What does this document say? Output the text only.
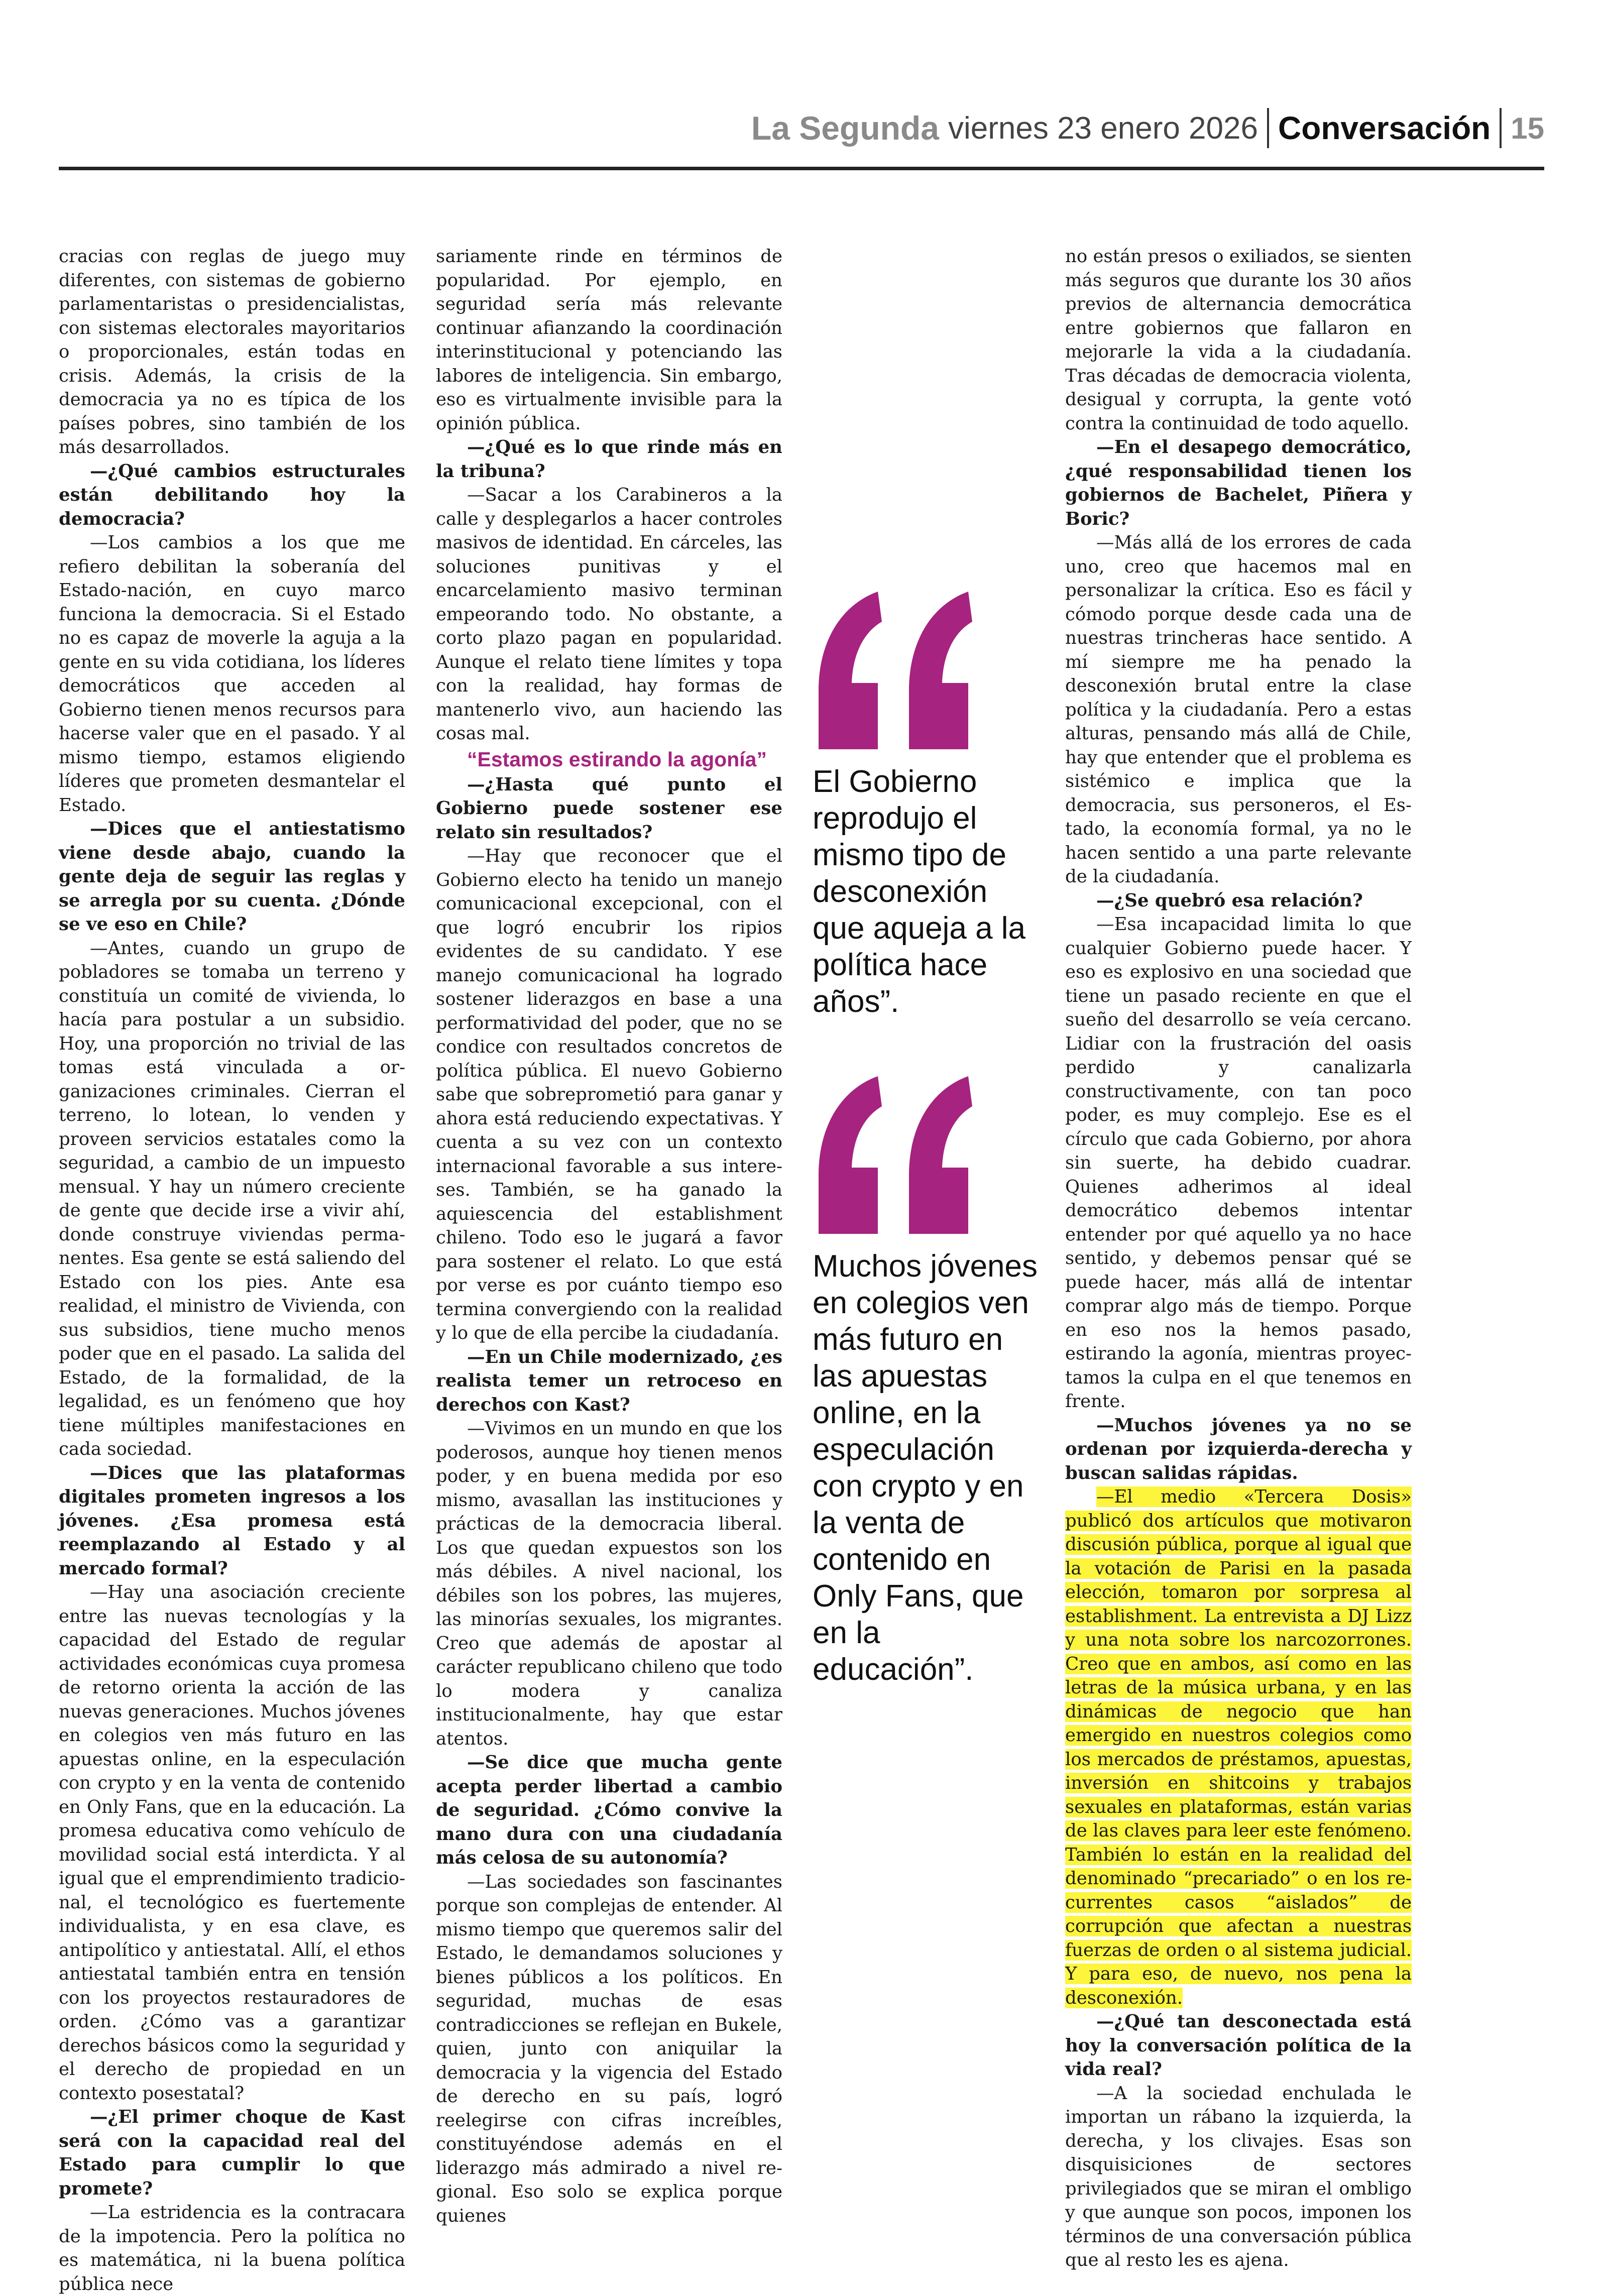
La Segunda viernes 23 enero 2026 Conversación 15

cracias con reglas de juego muy diferentes, con sistemas de gobierno parlamentaristas o presidencialistas, con sistemas electorales mayoritarios o proporcionales, están todas en crisis. Además, la crisis de la democracia ya no es típica de los países pobres, sino también de los más desarrollados.

—¿Qué cambios estructurales están debilitando hoy la democracia?

—Los cambios a los que me refiero debilitan la soberanía del Estado-nación, en cuyo marco funciona la democracia. Si el Estado no es capaz de moverle la aguja a la gente en su vida cotidiana, los líderes democráticos que acceden al Gobierno tienen menos recursos para hacerse valer que en el pasado. Y al mismo tiempo, estamos eligiendo líderes que prometen desmantelar el Estado.

—Dices que el antiestatismo viene desde abajo, cuando la gente deja de seguir las reglas y se arregla por su cuenta. ¿Dónde se ve eso en Chile?

—Antes, cuando un grupo de pobladores se tomaba un terreno y constituía un comité de vivienda, lo hacía para postular a un subsidio. Hoy, una proporción no trivial de las tomas está vinculada a organizaciones criminales. Cierran el terreno, lo lotean, lo venden y proveen servicios estatales como la seguridad, a cambio de un impuesto mensual. Y hay un número creciente de gente que decide irse a vivir ahí, donde construye viviendas permanentes. Esa gente se está saliendo del Estado con los pies. Ante esa realidad, el ministro de Vivienda, con sus subsidios, tiene mucho menos poder que en el pasado. La salida del Estado, de la formalidad, de la legalidad, es un fenómeno que hoy tiene múltiples manifestaciones en cada sociedad.

—Dices que las plataformas digitales prometen ingresos a los jóvenes. ¿Esa promesa está reemplazando al Estado y al mercado formal?

—Hay una asociación creciente entre las nuevas tecnologías y la capacidad del Estado de regular actividades económicas cuya promesa de retorno orienta la acción de las nuevas generaciones. Muchos jóvenes en colegios ven más futuro en las apuestas online, en la especulación con crypto y en la venta de contenido en Only Fans, que en la educación. La promesa educativa como vehículo de movilidad social está interdicta. Y al igual que el emprendimiento tradicional, el tecnológico es fuertemente individualista, y en esa clave, es antipolítico y antiestatal. Allí, el ethos antiestatal también entra en tensión con los proyectos restauradores de orden. ¿Cómo vas a garantizar derechos básicos como la seguridad y el derecho de propiedad en un contexto posestatal?

—¿El primer choque de Kast será con la capacidad real del Estado para cumplir lo que promete?

—La estridencia es la contracara de la impotencia. Pero la política no es matemática, ni la buena política pública nece

sariamente rinde en términos de popularidad. Por ejemplo, en seguridad sería más relevante continuar afianzando la coordinación interinstitucional y potenciando las labores de inteligencia. Sin embargo, eso es virtualmente invisible para la opinión pública.

—¿Qué es lo que rinde más en la tribuna?

—Sacar a los Carabineros a la calle y desplegarlos a hacer controles masivos de identidad. En cárceles, las soluciones punitivas y el encarcelamiento masivo terminan empeorando todo. No obstante, a corto plazo pagan en popularidad. Aunque el relato tiene límites y topa con la realidad, hay formas de mantenerlo vivo, aun haciendo las cosas mal.

“Estamos estirando la agonía”

—¿Hasta qué punto el Gobierno puede sostener ese relato sin resultados?

—Hay que reconocer que el Gobierno electo ha tenido un manejo comunicacional excepcional, con el que logró encubrir los ripios evidentes de su candidato. Y ese manejo comunicacional ha logrado sostener liderazgos en base a una performatividad del poder, que no se condice con resultados concretos de política pública. El nuevo Gobierno sabe que sobreprometió para ganar y ahora está reduciendo expectativas. Y cuenta a su vez con un contexto internacional favorable a sus intereses. También, se ha ganado la aquiescencia del establishment chileno. Todo eso le jugará a favor para sostener el relato. Lo que está por verse es por cuánto tiempo eso termina convergiendo con la realidad y lo que de ella percibe la ciudadanía.

—En un Chile modernizado, ¿es realista temer un retroceso en derechos con Kast?

—Vivimos en un mundo en que los poderosos, aunque hoy tienen menos poder, y en buena medida por eso mismo, avasallan las instituciones y prácticas de la democracia liberal. Los que quedan expuestos son los más débiles. A nivel nacional, los débiles son los pobres, las mujeres, las minorías sexuales, los migrantes. Creo que además de apostar al carácter republicano chileno que todo lo modera y canaliza institucionalmente, hay que estar atentos.

—Se dice que mucha gente acepta perder libertad a cambio de seguridad. ¿Cómo convive la mano dura con una ciudadanía más celosa de su autonomía?

—Las sociedades son fascinantes porque son complejas de entender. Al mismo tiempo que queremos salir del Estado, le demandamos soluciones y bienes públicos a los políticos. En seguridad, muchas de esas contradicciones se reflejan en Bukele, quien, junto con aniquilar la democracia y la vigencia del Estado de derecho en su país, logró reelegirse con cifras increíbles, constituyéndose además en el liderazgo más admirado a nivel regional. Eso solo se explica porque quienes

no están presos o exiliados, se sienten más seguros que durante los 30 años previos de alternancia democrática entre gobiernos que fallaron en mejorarle la vida a la ciudadanía. Tras décadas de democracia violenta, desigual y corrupta, la gente votó contra la continuidad de todo aquello.

—En el desapego democrático, ¿qué responsabilidad tienen los gobiernos de Bachelet, Piñera y Boric?

—Más allá de los errores de cada uno, creo que hacemos mal en personalizar la crítica. Eso es fácil y cómodo porque desde cada una de nuestras trincheras hace sentido. A mí siempre me ha penado la desconexión brutal entre la clase política y la ciudadanía. Pero a estas alturas, pensando más allá de Chile, hay que entender que el problema es sistémico e implica que la democracia, sus personeros, el Estado, la economía formal, ya no le hacen sentido a una parte relevante de la ciudadanía.

—¿Se quebró esa relación?

—Esa incapacidad limita lo que cualquier Gobierno puede hacer. Y eso es explosivo en una sociedad que tiene un pasado reciente en que el sueño del desarrollo se veía cercano. Lidiar con la frustración del oasis perdido y canalizarla constructivamente, con tan poco poder, es muy complejo. Ese es el círculo que cada Gobierno, por ahora sin suerte, ha debido cuadrar. Quienes adherimos al ideal democrático debemos intentar entender por qué aquello ya no hace sentido, y debemos pensar qué se puede hacer, más allá de intentar comprar algo más de tiempo. Porque en eso nos la hemos pasado, estirando la agonía, mientras proyectamos la culpa en el que tenemos en frente.

—Muchos jóvenes ya no se ordenan por izquierda-derecha y buscan salidas rápidas.

—El medio «Tercera Dosis» publicó dos artículos que motivaron discusión pública, porque al igual que la votación de Parisi en la pasada elección, tomaron por sorpresa al establishment. La entrevista a DJ Lizz y una nota sobre los narcozorrones. Creo que en ambos, así como en las letras de la música urbana, y en las dinámicas de negocio que han emergido en nuestros colegios como los mercados de préstamos, apuestas, inversión en shitcoins y trabajos sexuales en plataformas, están varias de las claves para leer este fenómeno. También lo están en la realidad del denominado “precariado” o en los recurrentes casos “aislados” de corrupción que afectan a nuestras fuerzas de orden o al sistema judicial. Y para eso, de nuevo, nos pena la desconexión.

—¿Qué tan desconectada está hoy la conversación política de la vida real?

—A la sociedad enchulada le importan un rábano la izquierda, la derecha, y los clivajes. Esas son disquisiciones de sectores privilegiados que se miran el ombligo y que aunque son pocos, imponen los términos de una conversación pública que al resto les es ajena.

El Gobierno reprodujo el mismo tipo de desconexión que aqueja a la política hace años”.

Muchos jóvenes en colegios ven más futuro en las apuestas online, en la especulación con crypto y en la venta de contenido en Only Fans, que en la educación”.
